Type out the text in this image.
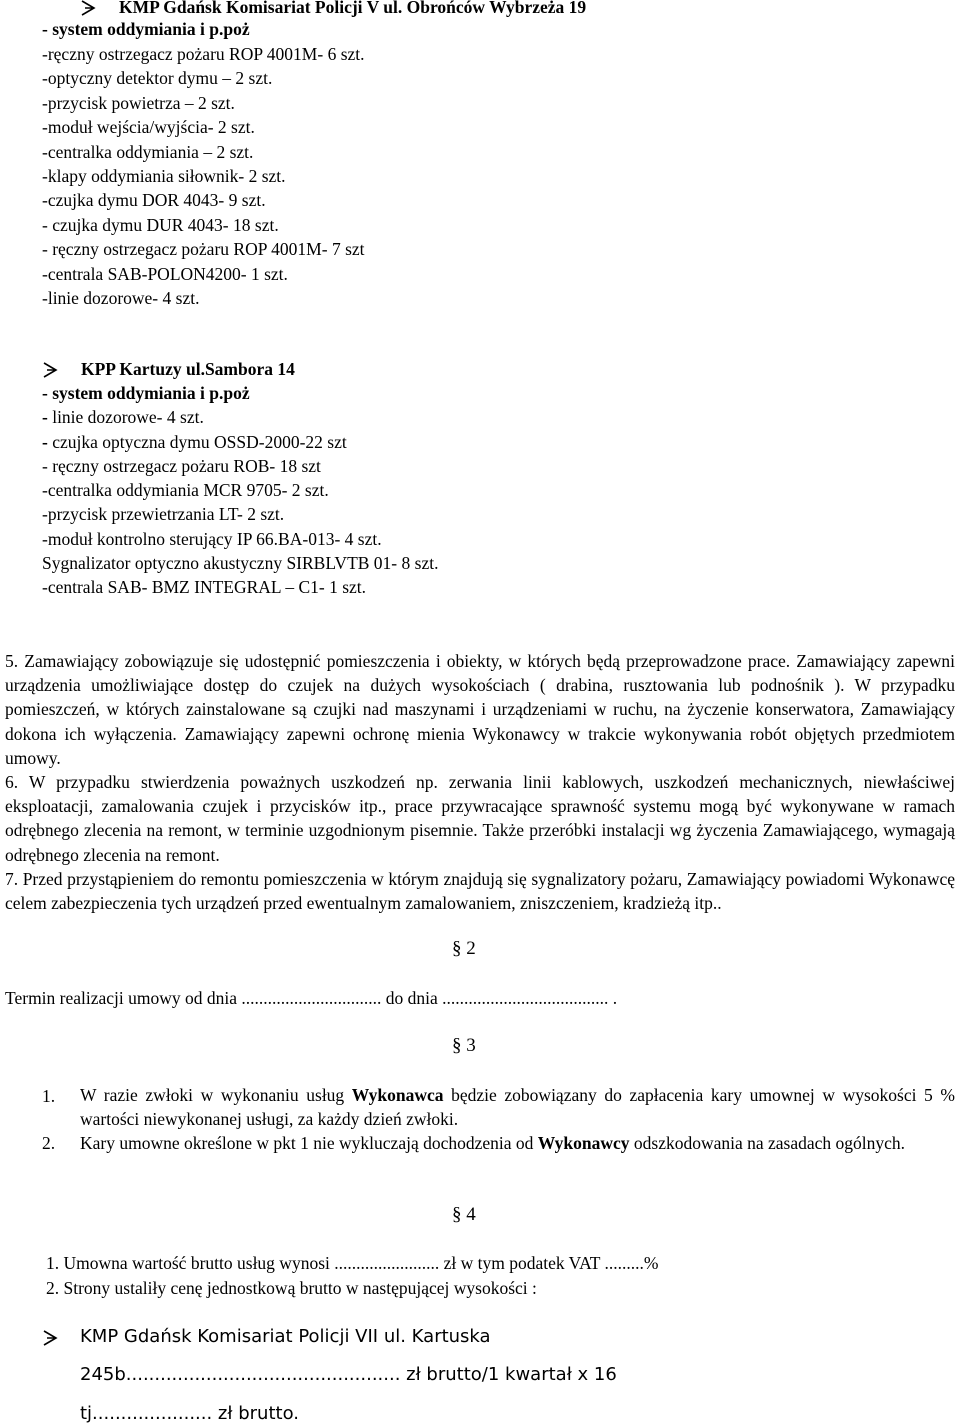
KMP Gdańsk Komisariat Policji V ul. Obrońców Wybrzeża 19
- system oddymiania i p.poż
-ręczny ostrzegacz pożaru ROP 4001M- 6 szt.
-optyczny detektor dymu – 2 szt.
-przycisk powietrza – 2 szt.
-moduł wejścia/wyjścia- 2 szt.
-centralka oddymiania – 2 szt.
-klapy oddymiania siłownik- 2 szt.
-czujka dymu DOR 4043- 9 szt.
- czujka dymu DUR 4043- 18 szt.
- ręczny ostrzegacz pożaru ROP 4001M- 7 szt
-centrala SAB-POLON4200- 1 szt.
-linie dozorowe- 4 szt.
KPP Kartuzy ul.Sambora 14
- system oddymiania i p.poż
- linie dozorowe- 4 szt.
- czujka optyczna dymu OSSD-2000-22 szt
- ręczny ostrzegacz pożaru ROB- 18 szt
-centralka oddymiania MCR 9705- 2 szt.
-przycisk przewietrzania LT- 2 szt.
-moduł kontrolno sterujący IP 66.BA-013- 4 szt.
Sygnalizator optyczno akustyczny SIRBLVTB 01- 8 szt.
-centrala SAB- BMZ INTEGRAL – C1- 1 szt.
5. Zamawiający zobowiązuje się udostępnić pomieszczenia i obiekty, w których będą przeprowadzone prace. Zamawiający zapewni urządzenia umożliwiające dostęp do czujek na dużych wysokościach ( drabina, rusztowania lub podnośnik ). W przypadku pomieszczeń, w których zainstalowane są czujki nad maszynami i urządzeniami w ruchu, na życzenie konserwatora, Zamawiający dokona ich wyłączenia. Zamawiający zapewni ochronę mienia Wykonawcy w trakcie wykonywania robót objętych przedmiotem umowy.
6. W przypadku stwierdzenia poważnych uszkodzeń np. zerwania linii kablowych, uszkodzeń mechanicznych, niewłaściwej eksploatacji, zamalowania czujek i przycisków itp., prace przywracające sprawność systemu mogą być wykonywane w ramach odrębnego zlecenia na remont, w terminie uzgodnionym pisemnie. Także przeróbki instalacji wg życzenia Zamawiającego, wymagają odrębnego zlecenia na remont.
7. Przed przystąpieniem do remontu pomieszczenia w którym znajdują się sygnalizatory pożaru, Zamawiający powiadomi Wykonawcę celem zabezpieczenia tych urządzeń przed ewentualnym zamalowaniem, zniszczeniem, kradzieżą itp..
§ 2
Termin realizacji umowy od dnia ................................ do dnia ...................................... .
§ 3
1. W razie zwłoki w wykonaniu usług Wykonawca będzie zobowiązany do zapłacenia kary umownej w wysokości 5 % wartości niewykonanej usługi, za każdy dzień zwłoki.
2. Kary umowne określone w pkt 1 nie wykluczają dochodzenia od Wykonawcy odszkodowania na zasadach ogólnych.
§ 4
1. Umowna wartość brutto usług wynosi ........................ zł w tym podatek VAT .........%
2. Strony ustaliły cenę jednostkową brutto w następującej wysokości :
KMP Gdańsk Komisariat Policji VII ul. Kartuska
245b................................................ zł brutto/1 kwartał x 16
tj..................... zł brutto.
